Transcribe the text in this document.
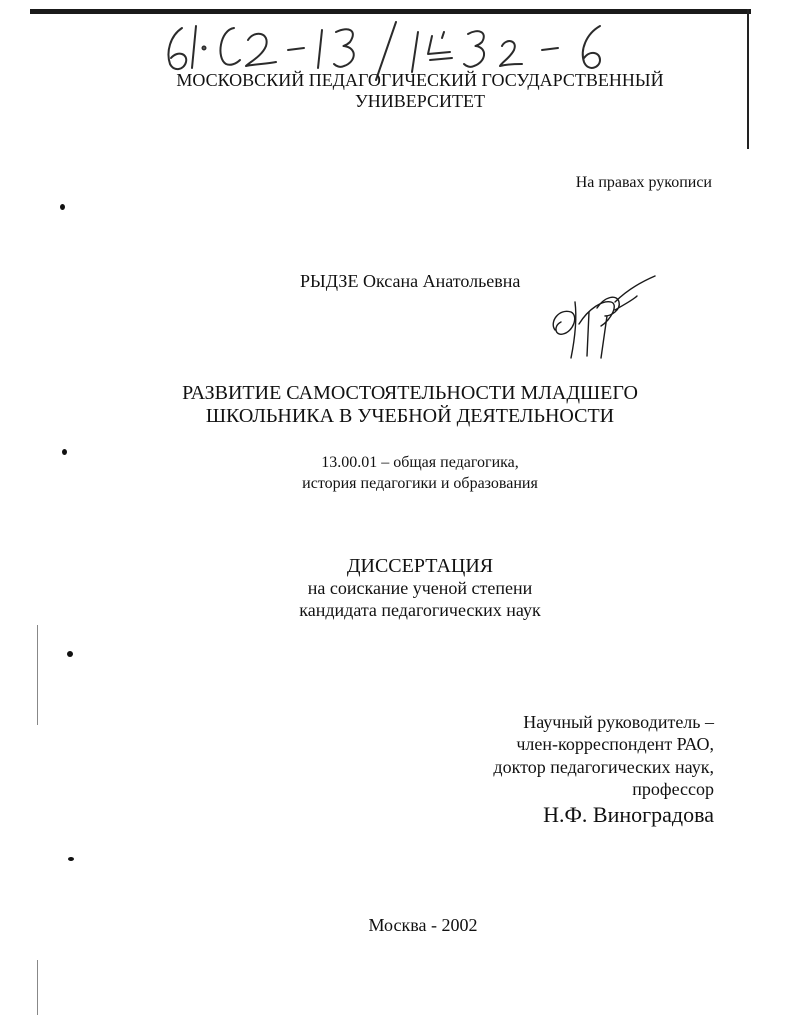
МОСКОВСКИЙ ПЕДАГОГИЧЕСКИЙ ГОСУДАРСТВЕННЫЙ
УНИВЕРСИТЕТ
На правах рукописи
РЫДЗЕ Оксана Анатольевна
РАЗВИТИЕ САМОСТОЯТЕЛЬНОСТИ МЛАДШЕГО
ШКОЛЬНИКА В УЧЕБНОЙ ДЕЯТЕЛЬНОСТИ
13.00.01 – общая педагогика,
история педагогики и образования
ДИССЕРТАЦИЯ
на соискание ученой степени
кандидата педагогических наук
Научный руководитель –
член-корреспондент РАО,
доктор педагогических наук,
профессор
Н.Ф. Виноградова
Москва - 2002
